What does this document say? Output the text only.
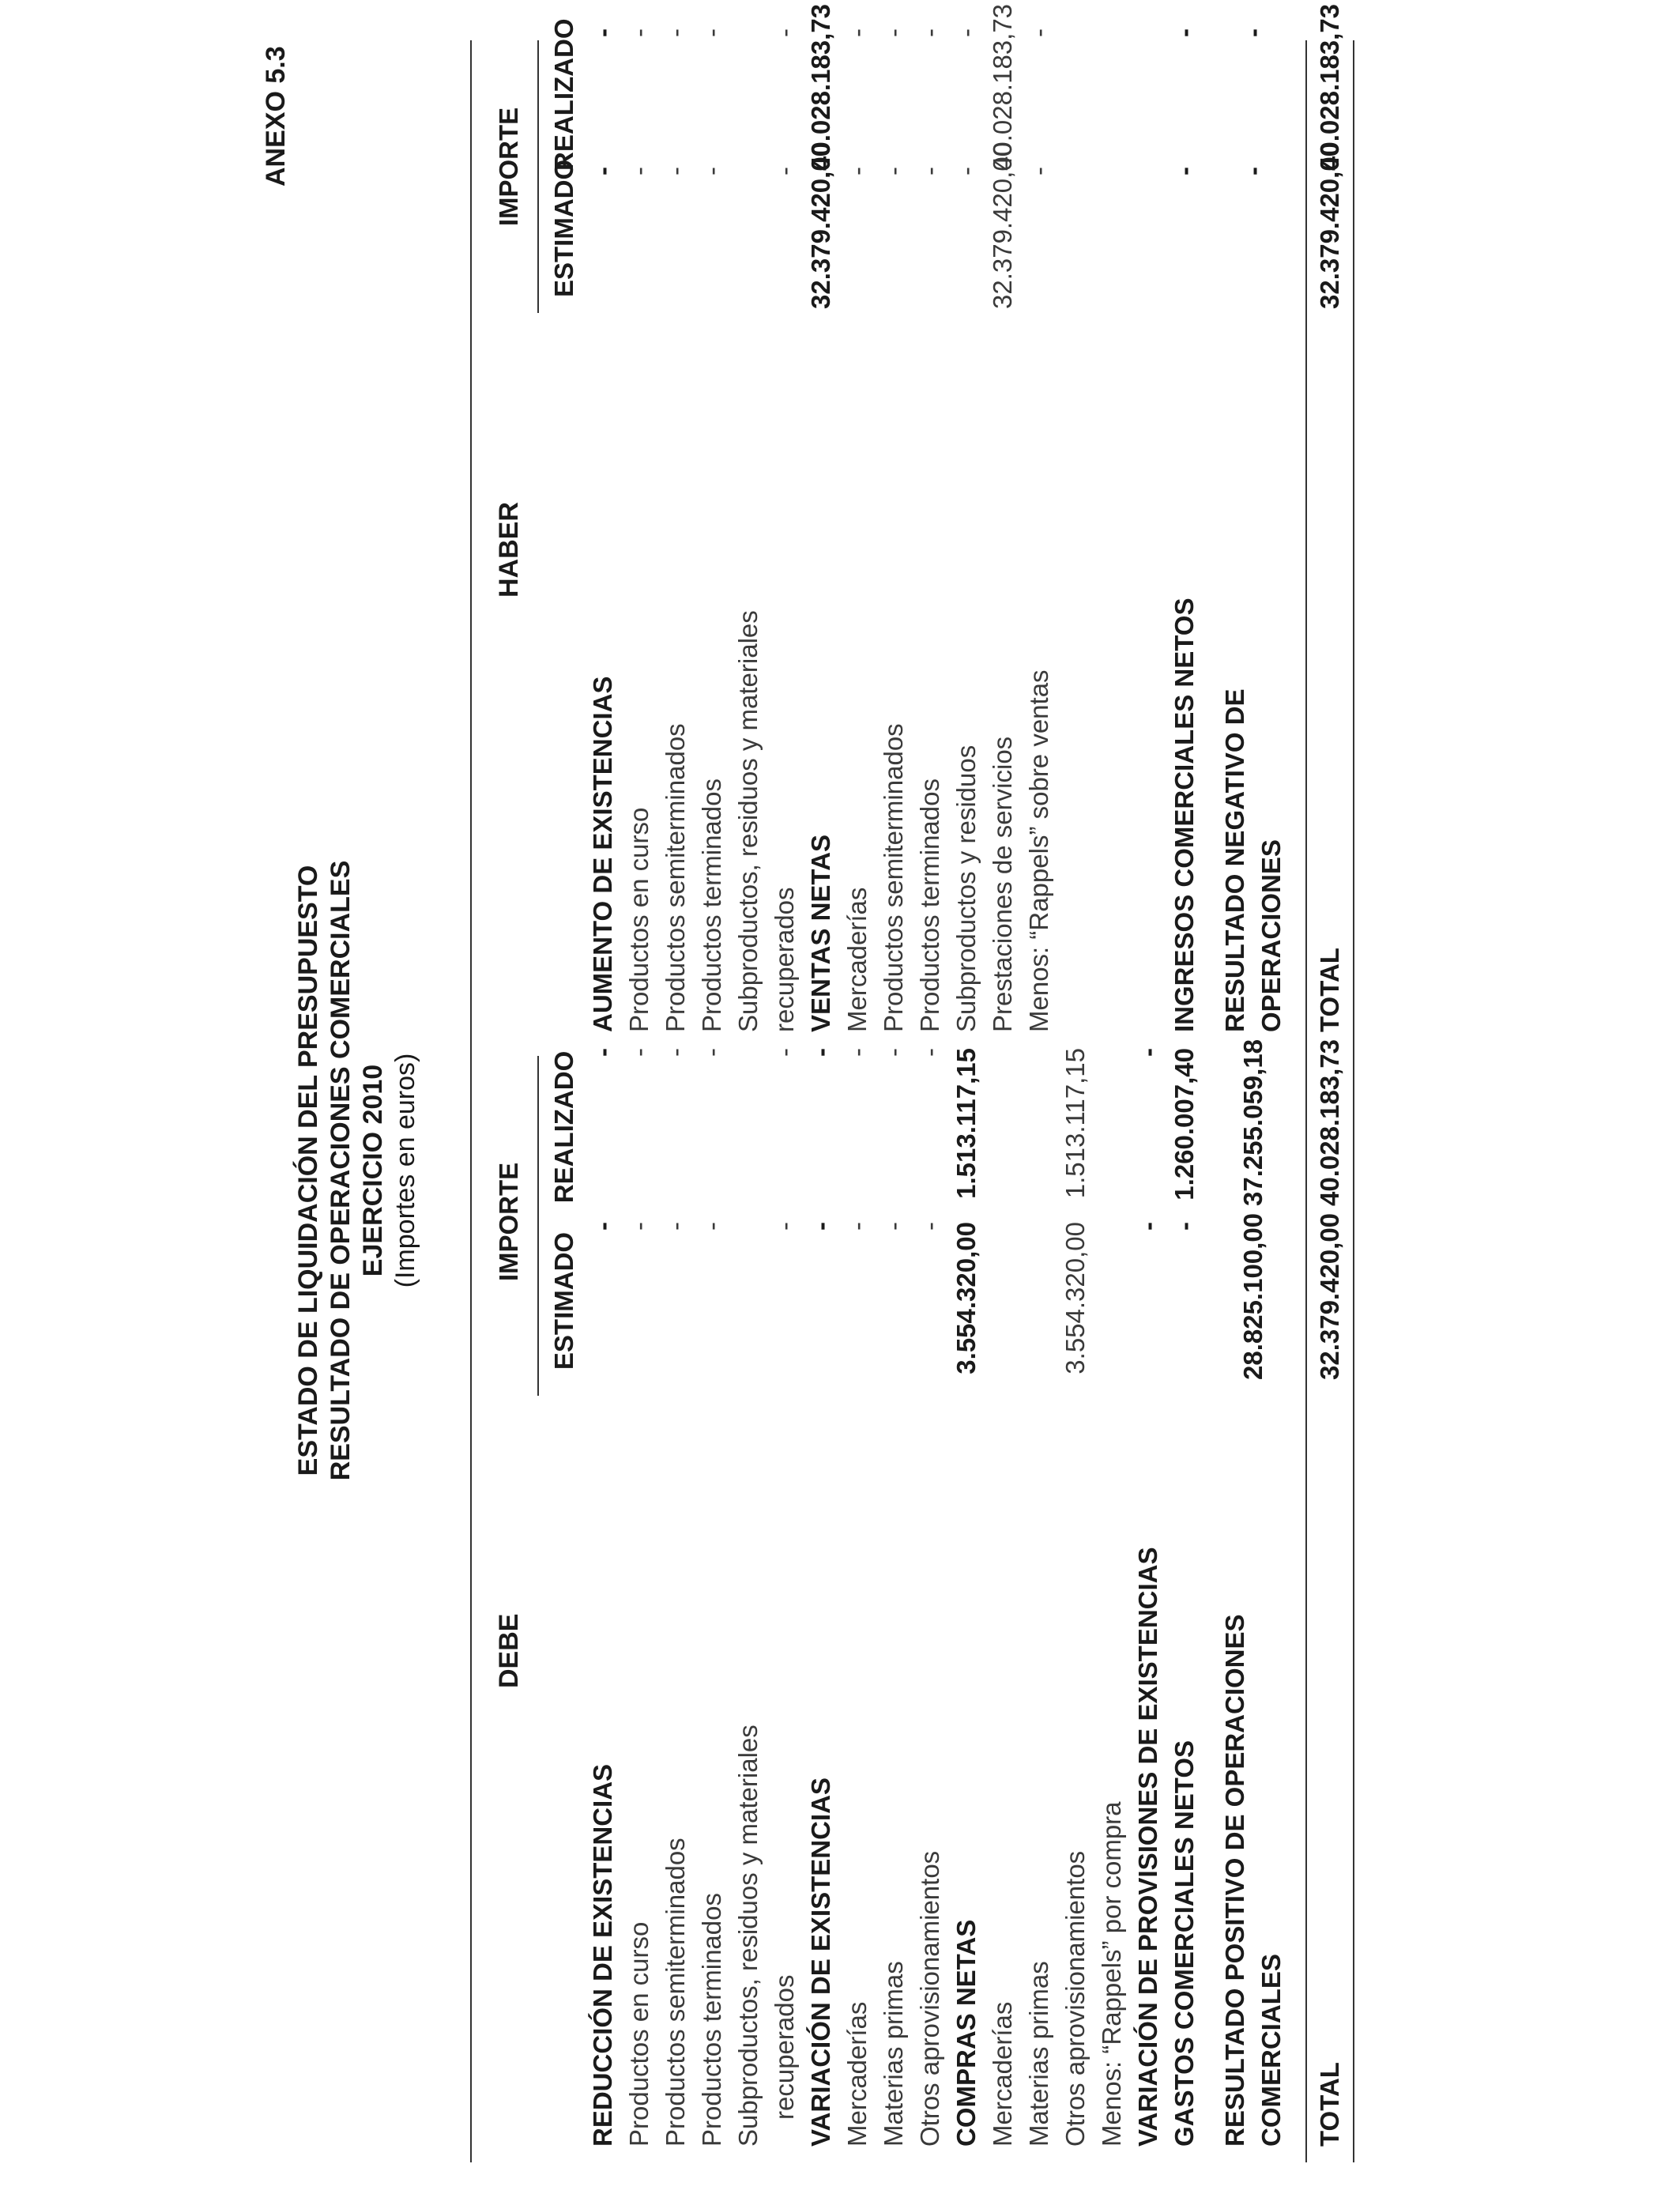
ANEXO 5.3
ESTADO DE LIQUIDACIÓN DEL PRESUPUESTO RESULTADO DE OPERACIONES COMERCIALES EJERCICIO 2010 (Importes en euros)
DEBE
HABER
IMPORTE
IMPORTE
ESTIMADO
REALIZADO
ESTIMADO
REALIZADO
REDUCCIÓN DE EXISTENCIAS
-
-
Productos en curso
-
-
Productos semiterminados
-
-
Productos terminados
-
-
Subproductos, residuos y materiales recuperados
-
-
VARIACIÓN DE EXISTENCIAS
-
-
Mercaderías
-
-
Materias primas
-
-
Otros aprovisionamientos
-
-
COMPRAS NETAS
3.554.320,00
1.513.117,15
Mercaderías Materias primas Otros aprovisionamientos
3.554.320,00
1.513.117,15
Menos: “Rappels” por compra VARIACIÓN DE PROVISIONES DE EXISTENCIAS
-
-
GASTOS COMERCIALES NETOS
-
1.260.007,40
RESULTADO POSITIVO DE OPERACIONES COMERCIALES
28.825.100,00
37.255.059,18
AUMENTO DE EXISTENCIAS
-
-
Productos en curso
-
-
Productos semiterminados
-
-
Productos terminados
-
-
Subproductos, residuos y materiales recuperados
-
-
VENTAS NETAS
32.379.420,00
40.028.183,73
Mercaderías
-
-
Productos semiterminados
-
-
Productos terminados
-
-
Subproductos y residuos
-
-
Prestaciones de servicios
32.379.420,00
40.028.183,73
Menos: “Rappels” sobre ventas
-
-
INGRESOS COMERCIALES NETOS
-
-
RESULTADO NEGATIVO DE OPERACIONES
-
-
TOTAL
32.379.420,00
40.028.183,73
TOTAL
32.379.420,00
40.028.183,73
